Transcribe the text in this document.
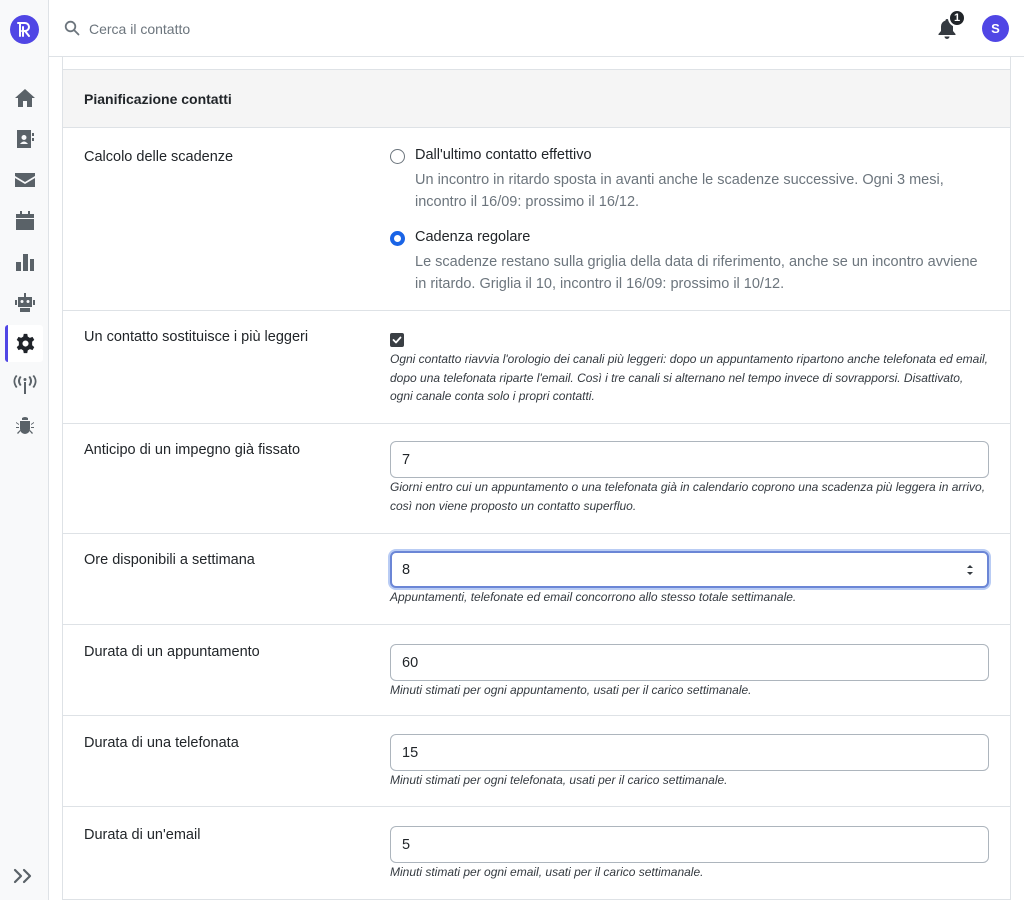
Cerca il contatto
1
S
Pianificazione contatti
Calcolo delle scadenze	Dall'ultimo contatto effettivo
Un incontro in ritardo sposta in avanti anche le scadenze successive. Ogni 3 mesi, incontro il 16/09: prossimo il 16/12.
Cadenza regolare
Le scadenze restano sulla griglia della data di riferimento, anche se un incontro avviene in ritardo. Griglia il 10, incontro il 16/09: prossimo il 10/12.
Un contatto sostituisce i più leggeri
Ogni contatto riavvia l'orologio dei canali più leggeri: dopo un appuntamento ripartono anche telefonata ed email, dopo una telefonata riparte l'email. Così i tre canali si alternano nel tempo invece di sovrapporsi. Disattivato, ogni canale conta solo i propri contatti.
Anticipo di un impegno già fissato
7
Giorni entro cui un appuntamento o una telefonata già in calendario coprono una scadenza più leggera in arrivo, così non viene proposto un contatto superfluo.
Ore disponibili a settimana
8
Appuntamenti, telefonate ed email concorrono allo stesso totale settimanale.
Durata di un appuntamento
60
Minuti stimati per ogni appuntamento, usati per il carico settimanale.
Durata di una telefonata
15
Minuti stimati per ogni telefonata, usati per il carico settimanale.
Durata di un'email
5
Minuti stimati per ogni email, usati per il carico settimanale.
